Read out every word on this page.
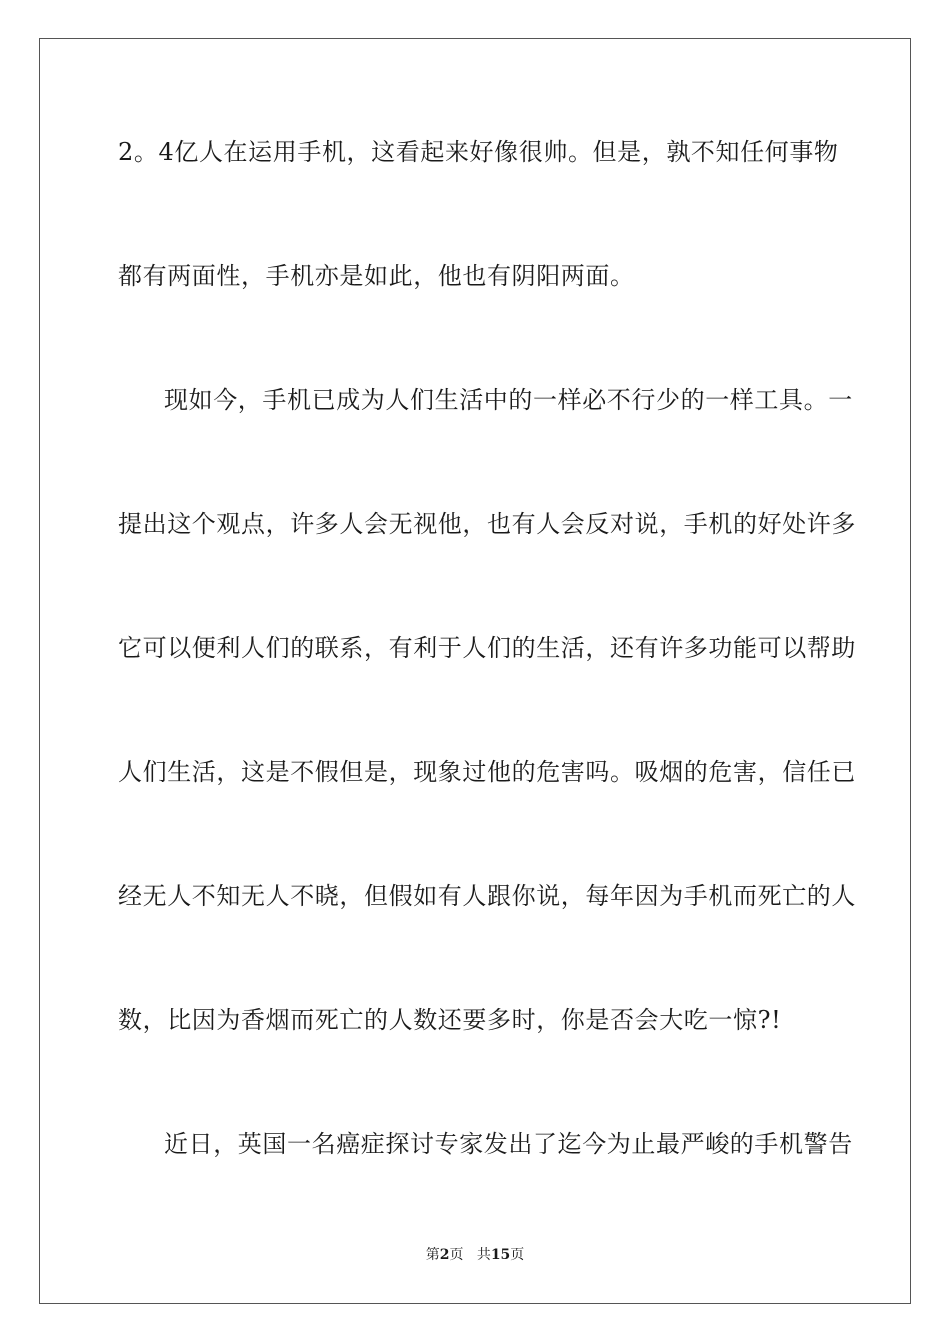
2。4亿人在运用手机，这看起来好像很帅。但是，孰不知任何事物
都有两面性，手机亦是如此，他也有阴阳两面。
现如今，手机已成为人们生活中的一样必不行少的一样工具。一
提出这个观点，许多人会无视他，也有人会反对说，手机的好处许多
它可以便利人们的联系，有利于人们的生活，还有许多功能可以帮助
人们生活，这是不假但是，现象过他的危害吗。吸烟的危害，信任已
经无人不知无人不晓，但假如有人跟你说，每年因为手机而死亡的人
数，比因为香烟而死亡的人数还要多时，你是否会大吃一惊?!
近日，英国一名癌症探讨专家发出了迄今为止最严峻的手机警告
第2页 共15页
